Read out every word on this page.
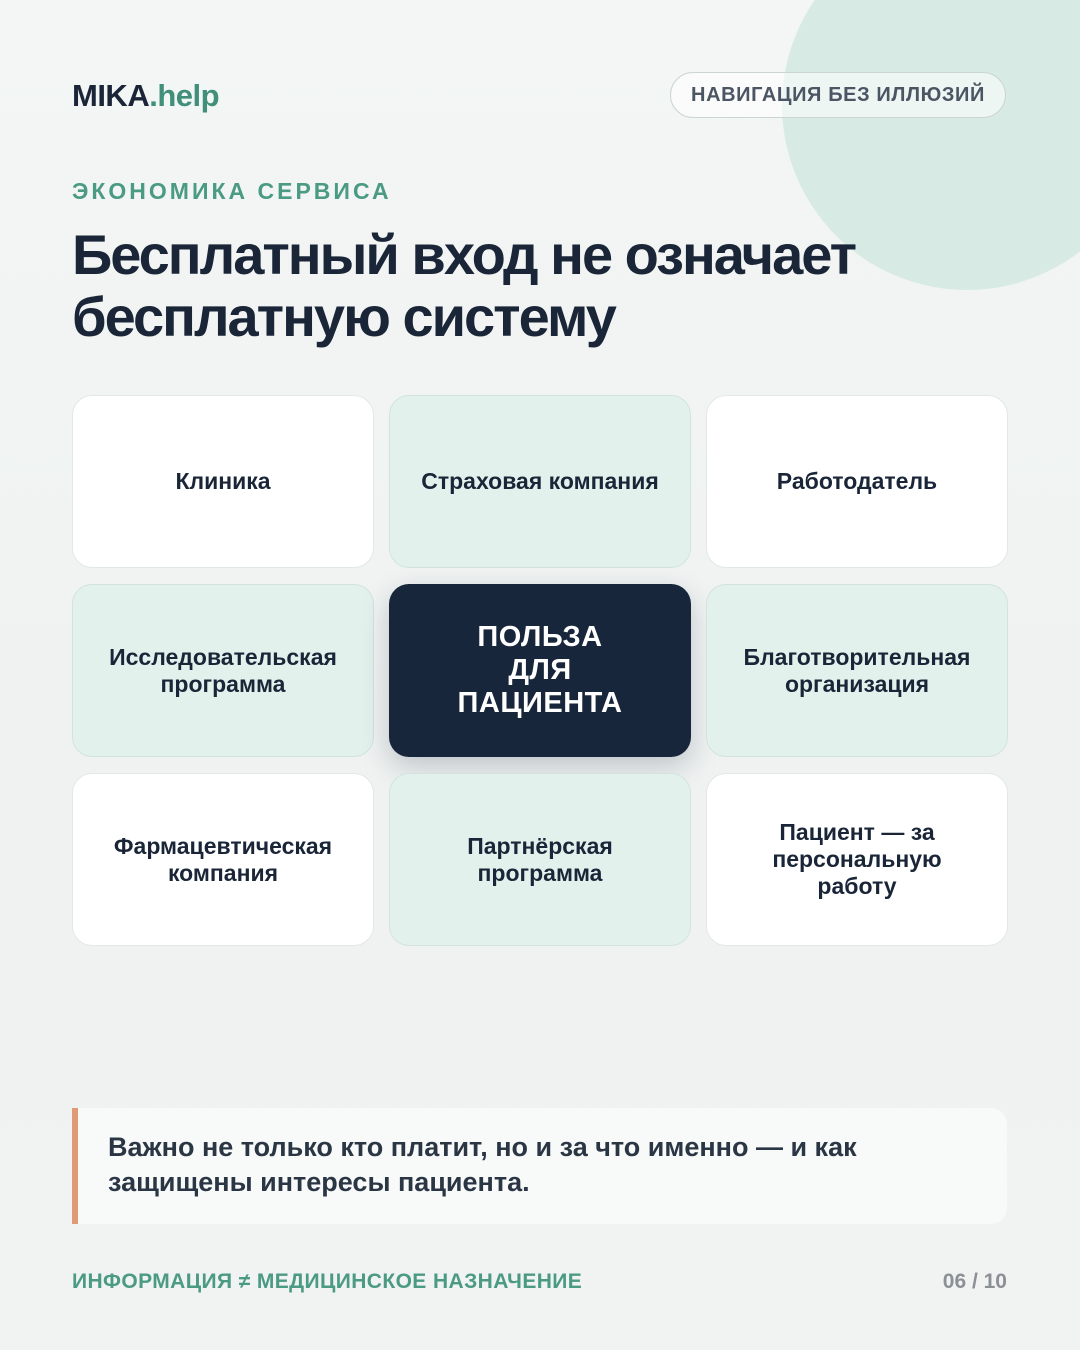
MIKA.help	НАВИГАЦИЯ БЕЗ ИЛЛЮЗИЙ
ЭКОНОМИКА СЕРВИСА
Бесплатный вход не означает
бесплатную систему
Клиника	Страховая компания	Работодатель
Исследовательская
программа
ПОЛЬЗА
ДЛЯ
ПАЦИЕНТА
Благотворительная
организация
Фармацевтическая
компания
Партнёрская
программа
Пациент — за
персональную
работу
Важно не только кто платит, но и за что именно — и как
защищены интересы пациента.
ИНФОРМАЦИЯ ≠ МЕДИЦИНСКОЕ НАЗНАЧЕНИЕ	06 / 10
